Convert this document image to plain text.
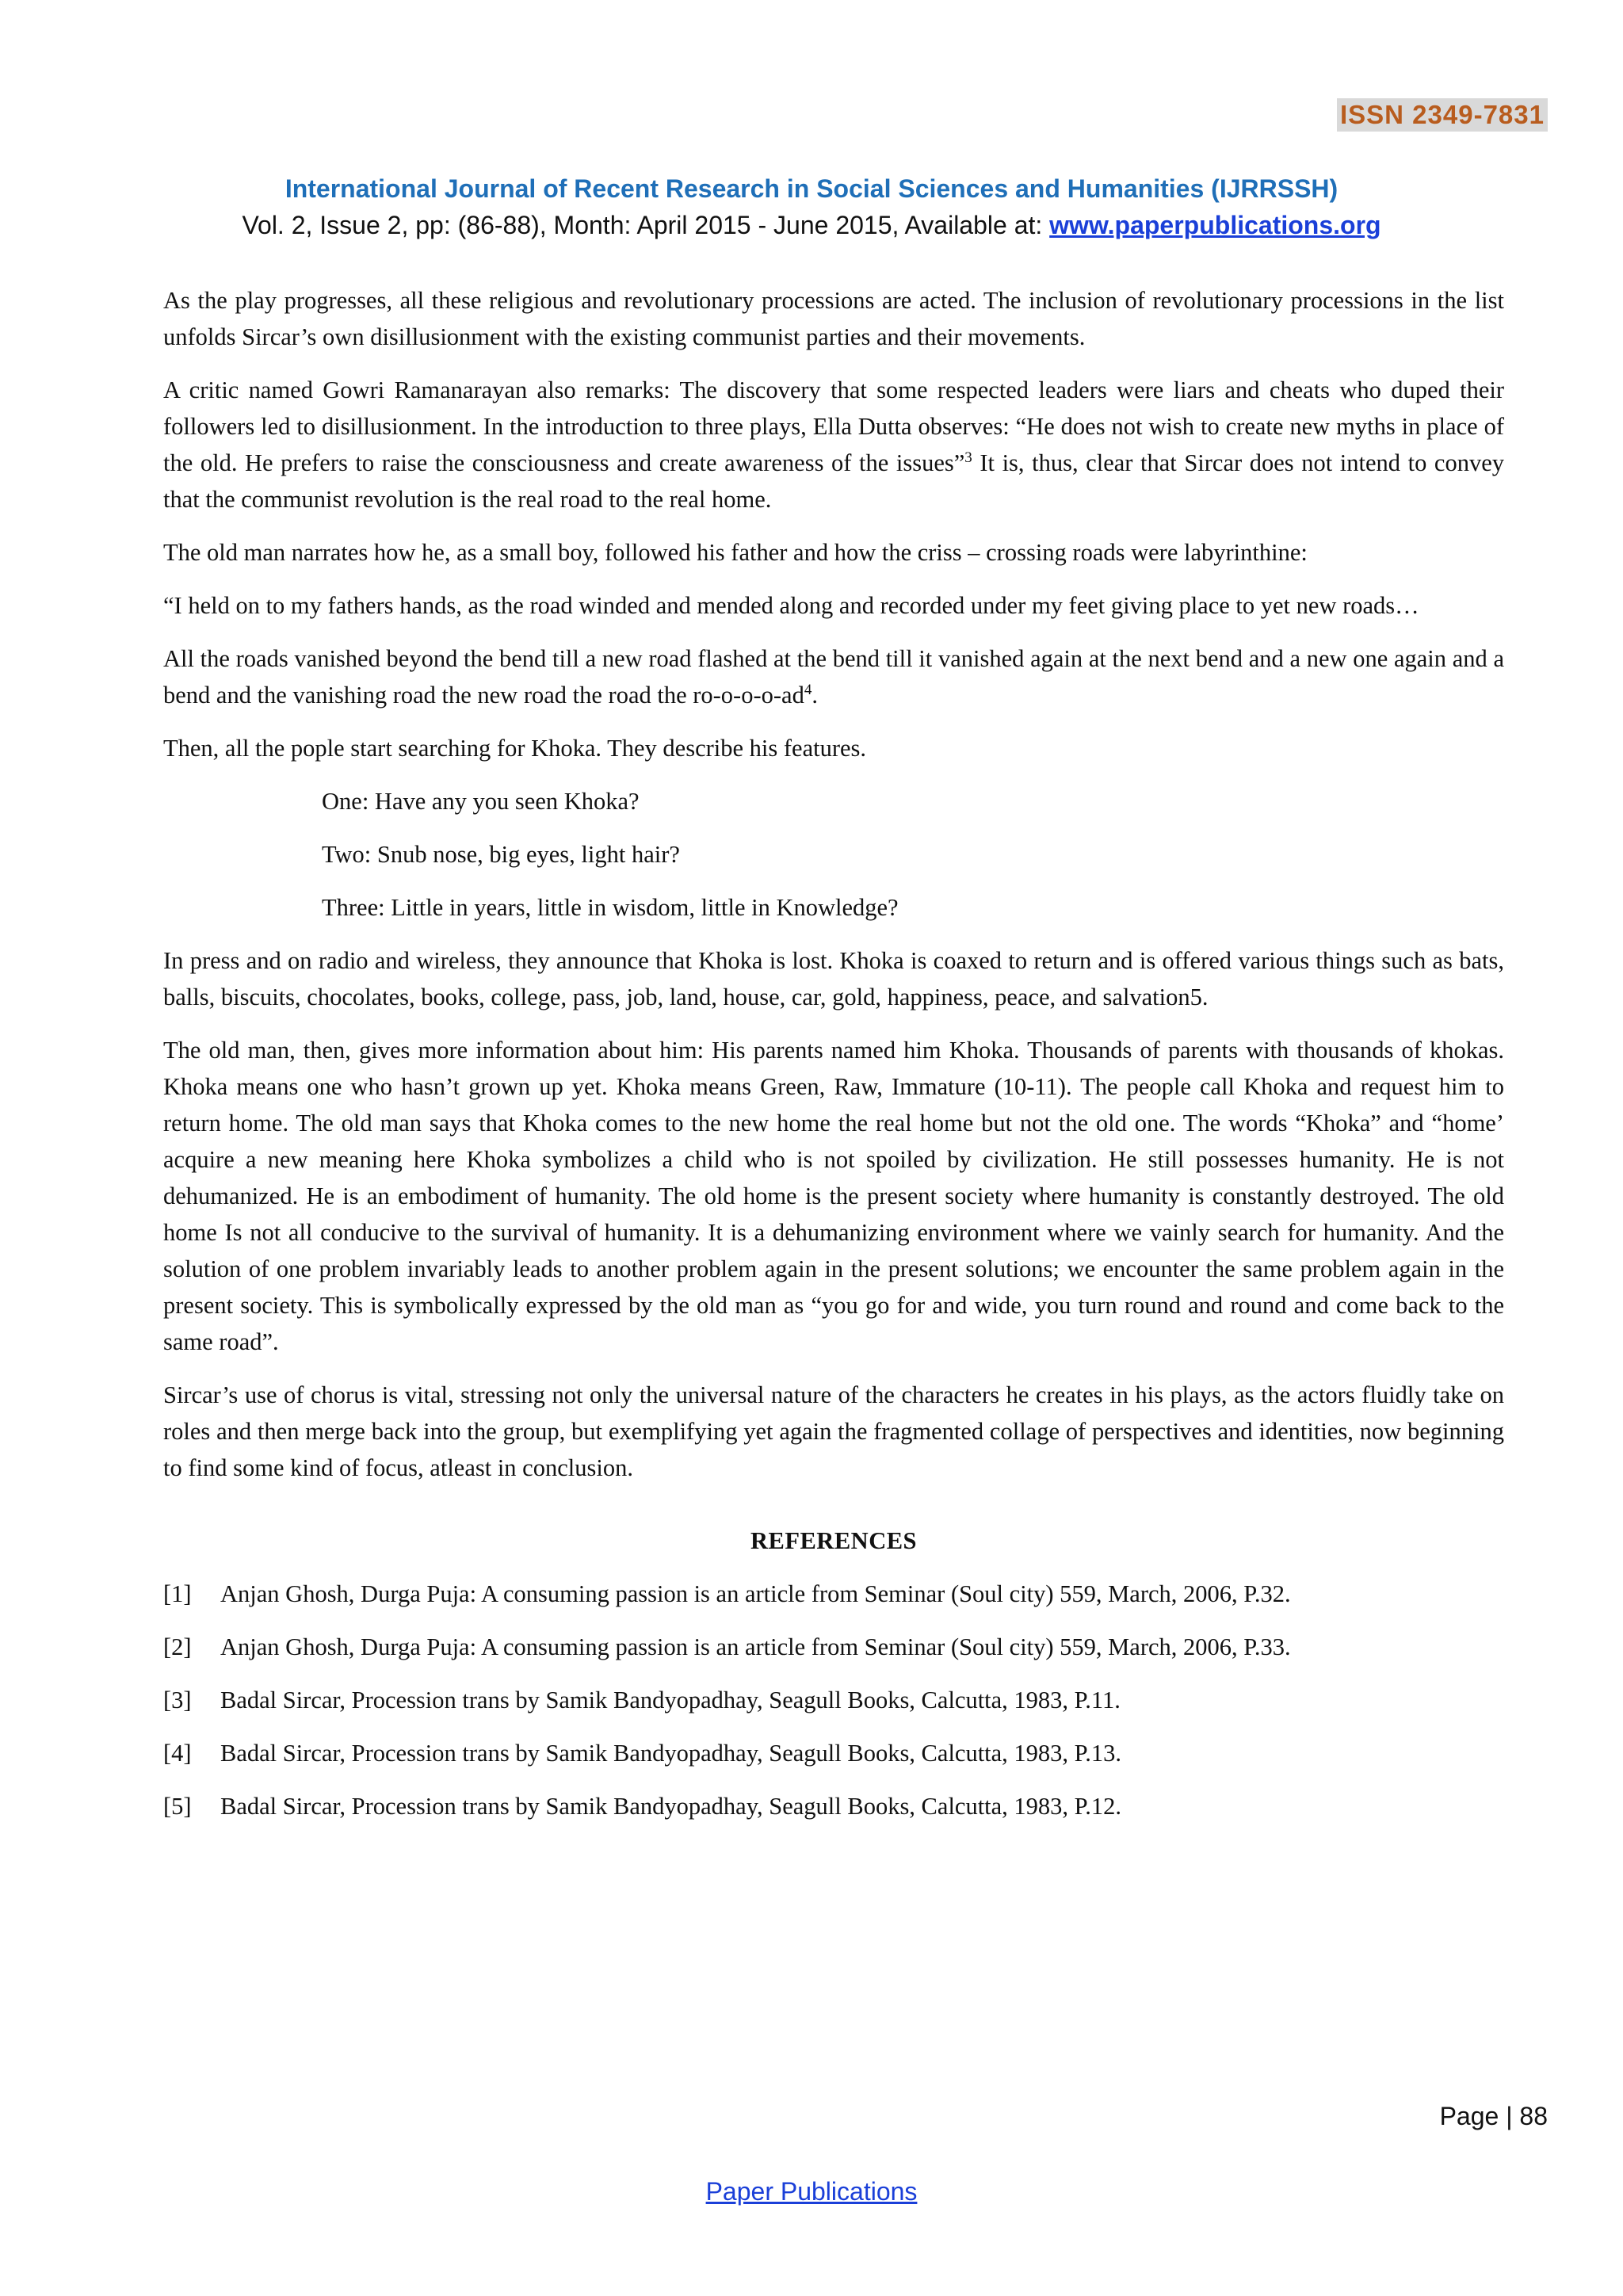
ISSN 2349-7831
International Journal of Recent Research in Social Sciences and Humanities (IJRRSSH)
Vol. 2, Issue 2, pp: (86-88), Month: April 2015 - June 2015, Available at: www.paperpublications.org

As the play progresses, all these religious and revolutionary processions are acted. The inclusion of revolutionary processions in the list unfolds Sircar’s own disillusionment with the existing communist parties and their movements.

A critic named Gowri Ramanarayan also remarks: The discovery that some respected leaders were liars and cheats who duped their followers led to disillusionment. In the introduction to three plays, Ella Dutta observes: “He does not wish to create new myths in place of the old. He prefers to raise the consciousness and create awareness of the issues”$^3$ It is, thus, clear that Sircar does not intend to convey that the communist revolution is the real road to the real home.

The old man narrates how he, as a small boy, followed his father and how the criss – crossing roads were labyrinthine:

“I held on to my fathers hands, as the road winded and mended along and recorded under my feet giving place to yet new roads…

All the roads vanished beyond the bend till a new road flashed at the bend till it vanished again at the next bend and a new one again and a bend and the vanishing road the new road the road the $ro-o-o-o-ad^4$.

Then, all the pople start searching for Khoka. They describe his features.

One: Have any you seen Khoka?

Two: Snub nose, big eyes, light hair?

Three: Little in years, little in wisdom, little in Knowledge?

In press and on radio and wireless, they announce that Khoka is lost. Khoka is coaxed to return and is offered various things such as bats, balls, biscuits, chocolates, books, college, pass, job, land, house, car, gold, happiness, peace, and salvation5.

The old man, then, gives more information about him: His parents named him Khoka. Thousands of parents with thousands of khokas. Khoka means one who hasn’t grown up yet. Khoka means Green, Raw, Immature (10-11). The people call Khoka and request him to return home. The old man says that Khoka comes to the new home the real home but not the old one. The words “Khoka” and “home’ acquire a new meaning here Khoka symbolizes a child who is not spoiled by civilization. He still possesses humanity. He is not dehumanized. He is an embodiment of humanity. The old home is the present society where humanity is constantly destroyed. The old home Is not all conducive to the survival of humanity. It is a dehumanizing environment where we vainly search for humanity. And the solution of one problem invariably leads to another problem again in the present solutions; we encounter the same problem again in the present society. This is symbolically expressed by the old man as “you go for and wide, you turn round and round and come back to the same road”.

Sircar’s use of chorus is vital, stressing not only the universal nature of the characters he creates in his plays, as the actors fluidly take on roles and then merge back into the group, but exemplifying yet again the fragmented collage of perspectives and identities, now beginning to find some kind of focus, atleast in conclusion.

REFERENCES
[1]	Anjan Ghosh, Durga Puja: A consuming passion is an article from Seminar (Soul city) 559, March, 2006, P.32.
[2]	Anjan Ghosh, Durga Puja: A consuming passion is an article from Seminar (Soul city) 559, March, 2006, P.33.
[3]	Badal Sircar, Procession trans by Samik Bandyopadhay, Seagull Books, Calcutta, 1983, P.11.
[4]	Badal Sircar, Procession trans by Samik Bandyopadhay, Seagull Books, Calcutta, 1983, P.13.
[5]	Badal Sircar, Procession trans by Samik Bandyopadhay, Seagull Books, Calcutta, 1983, P.12.
Page | 88
Paper Publications
